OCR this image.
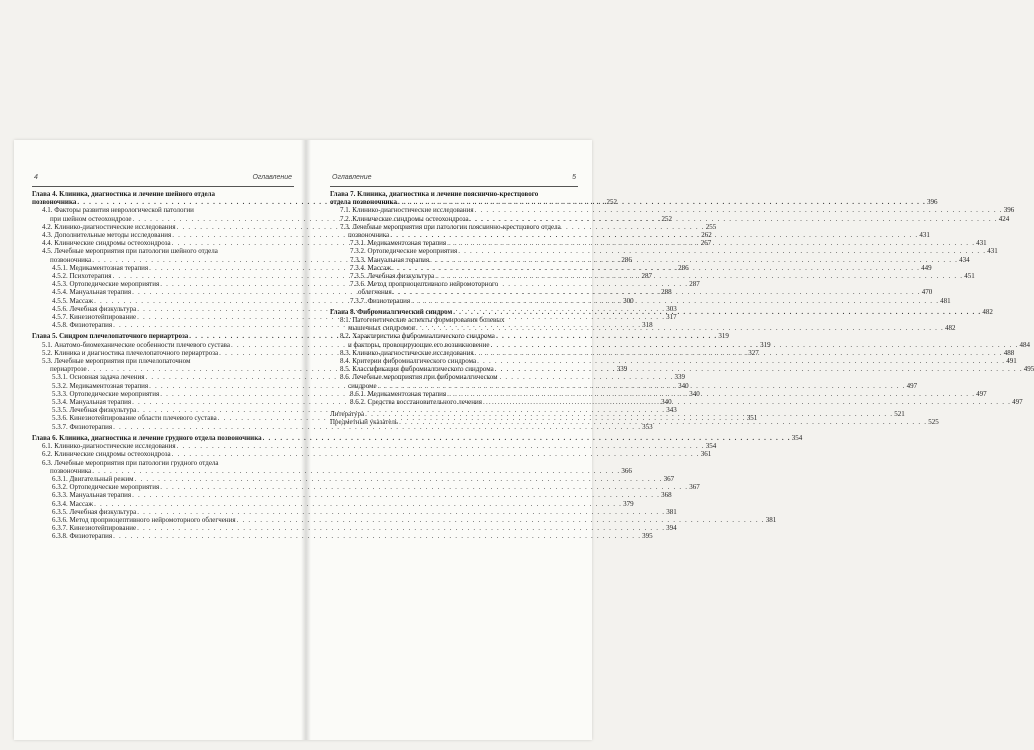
4	Оглавление
Глава 4. Клиника, диагностика и лечение шейного отдела
позвоночника . . .	252
4.1. Факторы развития неврологической патологии
при шейном остеохондрозе . . .	252
4.2. Клинико-диагностические исследования . . .	255
4.3. Дополнительные методы исследования . . .	262
4.4. Клинические синдромы остеохондроза . . .	267
4.5. Лечебные мероприятия при патологии шейного отдела
позвоночника . . .	286
4.5.1. Медикаментозная терапия . . .	286
4.5.2. Психотерапия . . .	287
4.5.3. Ортопедические мероприятия . . .	287
4.5.4. Мануальная терапия . . .	288
4.5.5. Массаж . . .	300
4.5.6. Лечебная физкультура . . .	303
4.5.7. Кинезиотейпирование . . .	317
4.5.8. Физиотерапия . . .	318
Глава 5. Синдром плечелопаточного периартроза . . .	319
5.1. Анатомо-биомеханические особенности плечевого сустава . . .	319
5.2. Клиника и диагностика плечелопаточного периартроза . . .	327
5.3. Лечебные мероприятия при плечелопаточном
периартрозе . . .	339
5.3.1. Основная задача лечения . . .	339
5.3.2. Медикаментозная терапия . . .	340
5.3.3. Ортопедические мероприятия . . .	340
5.3.4. Мануальная терапия . . .	340
5.3.5. Лечебная физкультура . . .	343
5.3.6. Кинезиотейпирование области плечевого сустава . . .	351
5.3.7. Физиотерапия . . .	353
Глава 6. Клиника, диагностика и лечение грудного отдела позвоночника . . .	354
6.1. Клинико-диагностические исследования . . .	354
6.2. Клинические синдромы остеохондроза . . .	361
6.3. Лечебные мероприятия при патологии грудного отдела
позвоночника . . .	366
6.3.1. Двигательный режим . . .	367
6.3.2. Ортопедические мероприятия . . .	367
6.3.3. Мануальная терапия . . .	368
6.3.4. Массаж . . .	379
6.3.5. Лечебная физкультура . . .	381
6.3.6. Метод проприоцептивного нейромоторного облегчения . . .	381
6.3.7. Кинезиотейпирование . . .	394
6.3.8. Физиотерапия . . .	395
Оглавление	5
Глава 7. Клиника, диагностика и лечение пояснично-крестцового
отдела позвоночника . . .	396
7.1. Клинико-диагностические исследования . . .	396
7.2. Клинические синдромы остеохондроза . . .	424
7.3. Лечебные мероприятия при патологии пояснично-крестцового отдела
позвоночника . . .	431
7.3.1. Медикаментозная терапия . . .	431
7.3.2. Ортопедические мероприятия . . .	431
7.3.3. Мануальная терапия . . .	434
7.3.4. Массаж . . .	449
7.3.5. Лечебная физкультура . . .	451
7.3.6. Метод проприоцептивного нейромоторного
облегчения . . .	470
7.3.7. Физиотерапия . . .	481
Глава 8. Фибромиалгический синдром . . .	482
8.1. Патогенетические аспекты формирования болевых
мышечных синдромов . . .	482
8.2. Характеристика фибромиалгического синдрома
и факторы, провоцирующие его возникновение . . .	484
8.3. Клинико-диагностические исследования . . .	488
8.4. Критерии фибромиалгического синдрома . . .	491
8.5. Классификация фибромиалгического синдрома . . .	495
8.6. Лечебные мероприятия при фибромиалгическом
синдроме . . .	497
8.6.1. Медикаментозная терапия . . .	497
8.6.2. Средства восстановительного лечения . . .	497
Литература . . .	521
Предметный указатель . . .	525
